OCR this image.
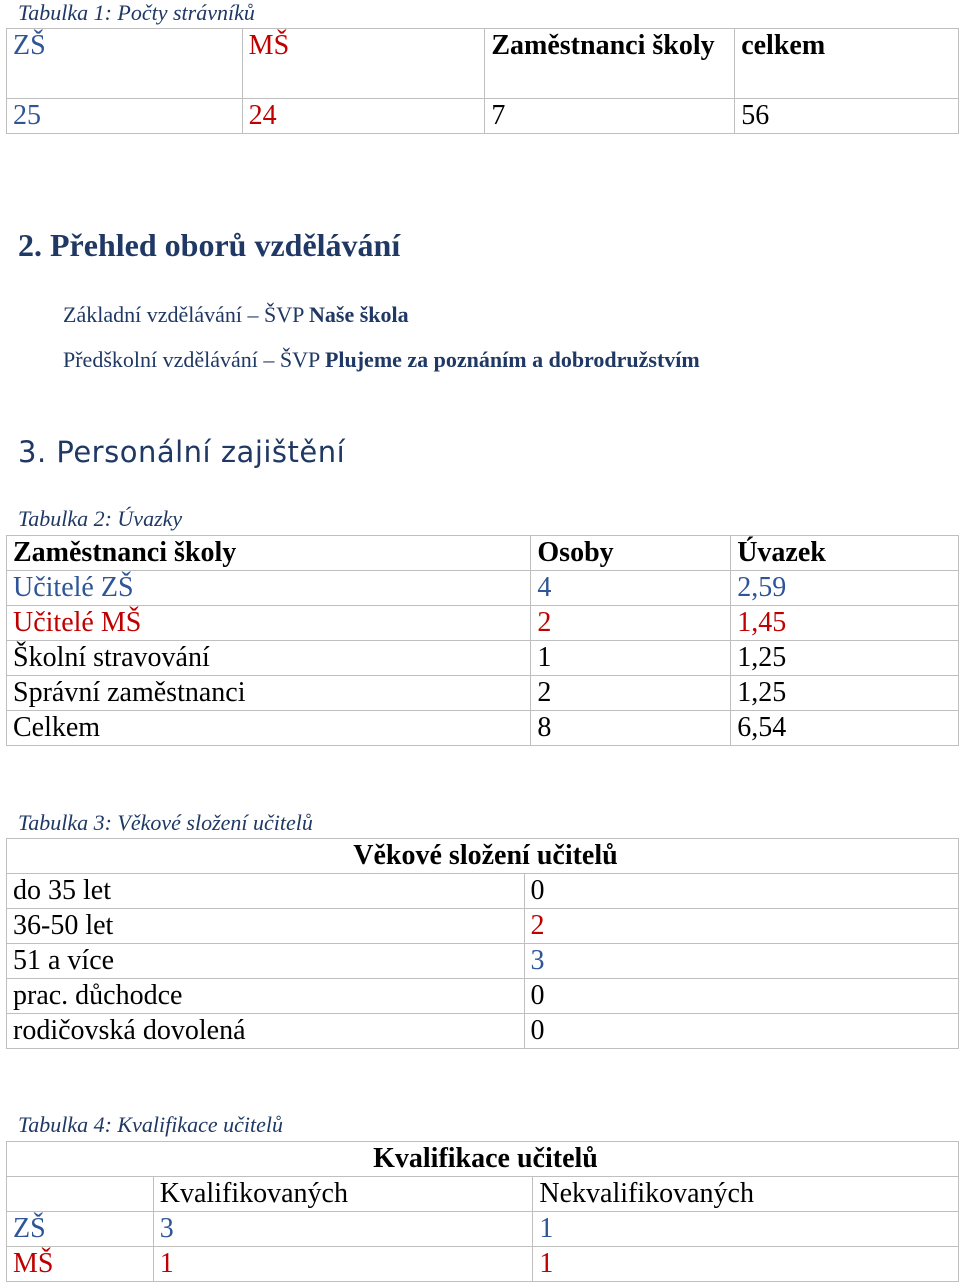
Tabulka 1: Počty strávníků
ZŠ	MŠ	Zaměstnanci školy	celkem
25	24	7	56
2. Přehled oborů vzdělávání
Základní vzdělávání – ŠVP Naše škola
Předškolní vzdělávání – ŠVP Plujeme za poznáním a dobrodružstvím
3. Personální zajištění
Tabulka 2: Úvazky
Zaměstnanci školy	Osoby	Úvazek
Učitelé ZŠ	4	2,59
Učitelé MŠ	2	1,45
Školní stravování	1	1,25
Správní zaměstnanci	2	1,25
Celkem	8	6,54
Tabulka 3: Věkové složení učitelů
Věkové složení učitelů	
do 35 let	0
36-50 let	2
51 a více	3
prac. důchodce	0
rodičovská dovolená	0
Tabulka 4: Kvalifikace učitelů
Kvalifikace učitelů		
	Kvalifikovaných	Nekvalifikovaných
ZŠ	3	1
MŠ	1	1
